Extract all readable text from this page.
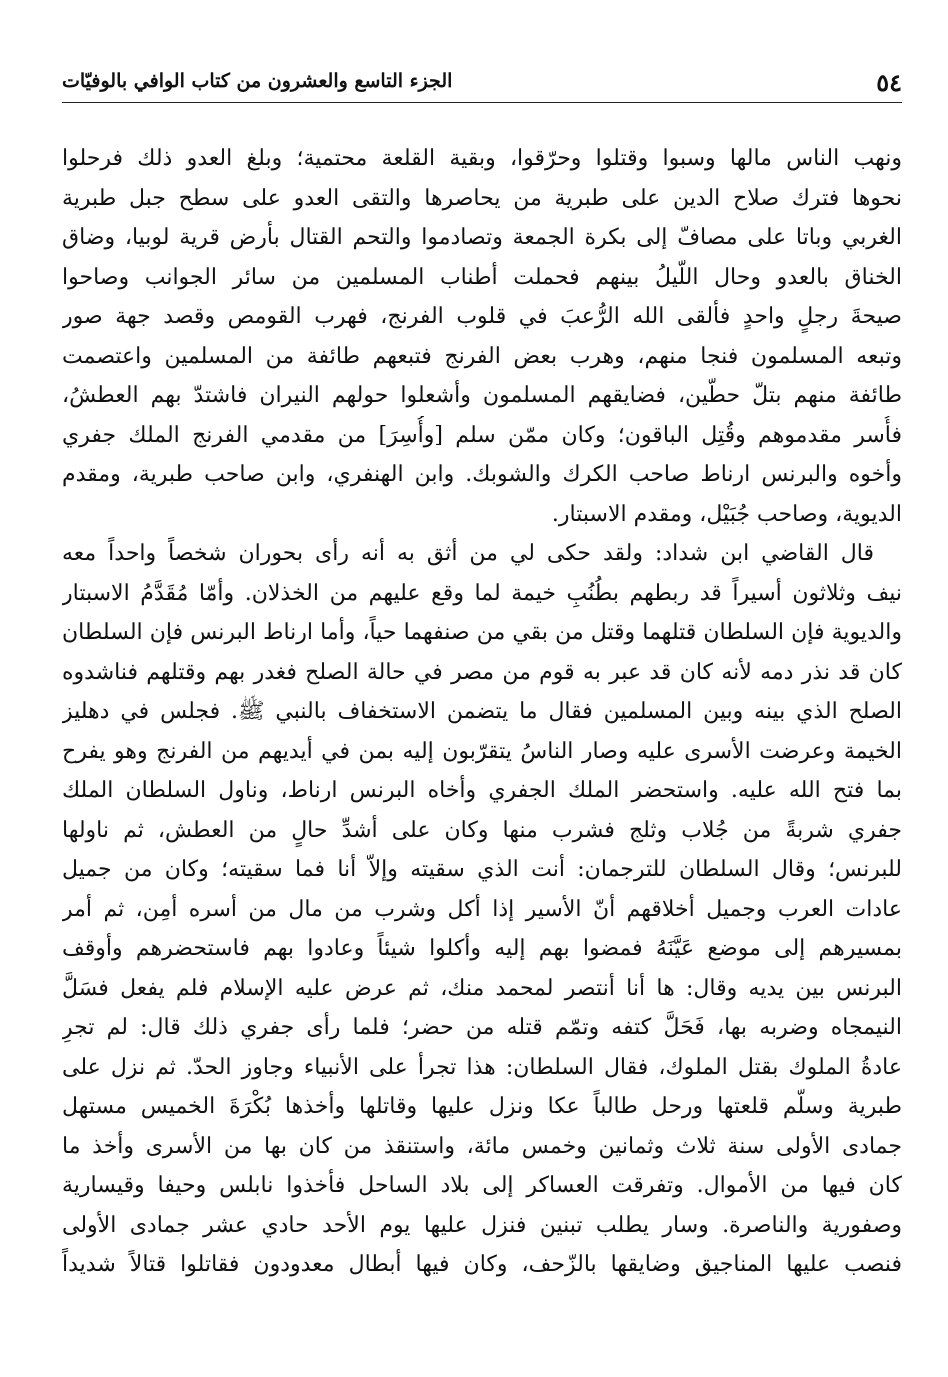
٥٤
الجزء التاسع والعشرون من كتاب الوافي بالوفيّات
ونهب الناس مالها وسبوا وقتلوا وحرّقوا، وبقية القلعة محتمية؛ وبلغ العدو ذلك فرحلوا
نحوها فترك صلاح الدين على طبرية من يحاصرها والتقى العدو على سطح جبل طبرية
الغربي وباتا على مصافّ إلى بكرة الجمعة وتصادموا والتحم القتال بأرض قرية لوبيا، وضاق
الخناق بالعدو وحال اللّيلُ بينهم فحملت أطناب المسلمين من سائر الجوانب وصاحوا
صيحةَ رجلٍ واحدٍ فألقى الله الرُّعبَ في قلوب الفرنج، فهرب القومص وقصد جهة صور
وتبعه المسلمون فنجا منهم، وهرب بعض الفرنج فتبعهم طائفة من المسلمين واعتصمت
طائفة منهم بتلّ حطّين، فضايقهم المسلمون وأشعلوا حولهم النيران فاشتدّ بهم العطشُ،
فأُسر مقدموهم وقُتِل الباقون؛ وكان ممّن سلم [وأُسِرَ] من مقدمي الفرنج الملك جفري
وأخوه والبرنس ارناط صاحب الكرك والشوبك. وابن الهنفري، وابن صاحب طبرية، ومقدم
الديوية، وصاحب جُبَيْل، ومقدم الاسبتار.
قال القاضي ابن شداد: ولقد حكى لي من أثق به أنه رأى بحوران شخصاً واحداً معه
نيف وثلاثون أسيراً قد ربطهم بطُنُبِ خيمة لما وقع عليهم من الخذلان. وأمّا مُقَدَّمُ الاسبتار
والديوية فإن السلطان قتلهما وقتل من بقي من صنفهما حياً، وأما ارناط البرنس فإن السلطان
كان قد نذر دمه لأنه كان قد عبر به قوم من مصر في حالة الصلح فغدر بهم وقتلهم فناشدوه
الصلح الذي بينه وبين المسلمين فقال ما يتضمن الاستخفاف بالنبي ﷺ. فجلس في دهليز
الخيمة وعرضت الأسرى عليه وصار الناسُ يتقرّبون إليه بمن في أيديهم من الفرنج وهو يفرح
بما فتح الله عليه. واستحضر الملك الجفري وأخاه البرنس ارناط، وناول السلطان الملك
جفري شربةً من جُلاب وثلج فشرب منها وكان على أشدِّ حالٍ من العطش، ثم ناولها
للبرنس؛ وقال السلطان للترجمان: أنت الذي سقيته وإلاّ أنا فما سقيته؛ وكان من جميل
عادات العرب وجميل أخلاقهم أنّ الأسير إذا أكل وشرب من مال من أسره أمِن، ثم أمر
بمسيرهم إلى موضع عَيَّنَهُ فمضوا بهم إليه وأكلوا شيئاً وعادوا بهم فاستحضرهم وأوقف
البرنس بين يديه وقال: ها أنا أنتصر لمحمد منك، ثم عرض عليه الإسلام فلم يفعل فسَلَّ
النيمجاه وضربه بها، فَحَلَّ كتفه وتمّم قتله من حضر؛ فلما رأى جفري ذلك قال: لم تجرِ
عادةُ الملوك بقتل الملوك، فقال السلطان: هذا تجرأ على الأنبياء وجاوز الحدّ. ثم نزل على
طبرية وسلّم قلعتها ورحل طالباً عكا ونزل عليها وقاتلها وأخذها بُكْرَةَ الخميس مستهل
جمادى الأولى سنة ثلاث وثمانين وخمس مائة، واستنقذ من كان بها من الأسرى وأخذ ما
كان فيها من الأموال. وتفرقت العساكر إلى بلاد الساحل فأخذوا نابلس وحيفا وقيسارية
وصفورية والناصرة. وسار يطلب تبنين فنزل عليها يوم الأحد حادي عشر جمادى الأولى
فنصب عليها المناجيق وضايقها بالزّحف، وكان فيها أبطال معدودون فقاتلوا قتالاً شديداً
